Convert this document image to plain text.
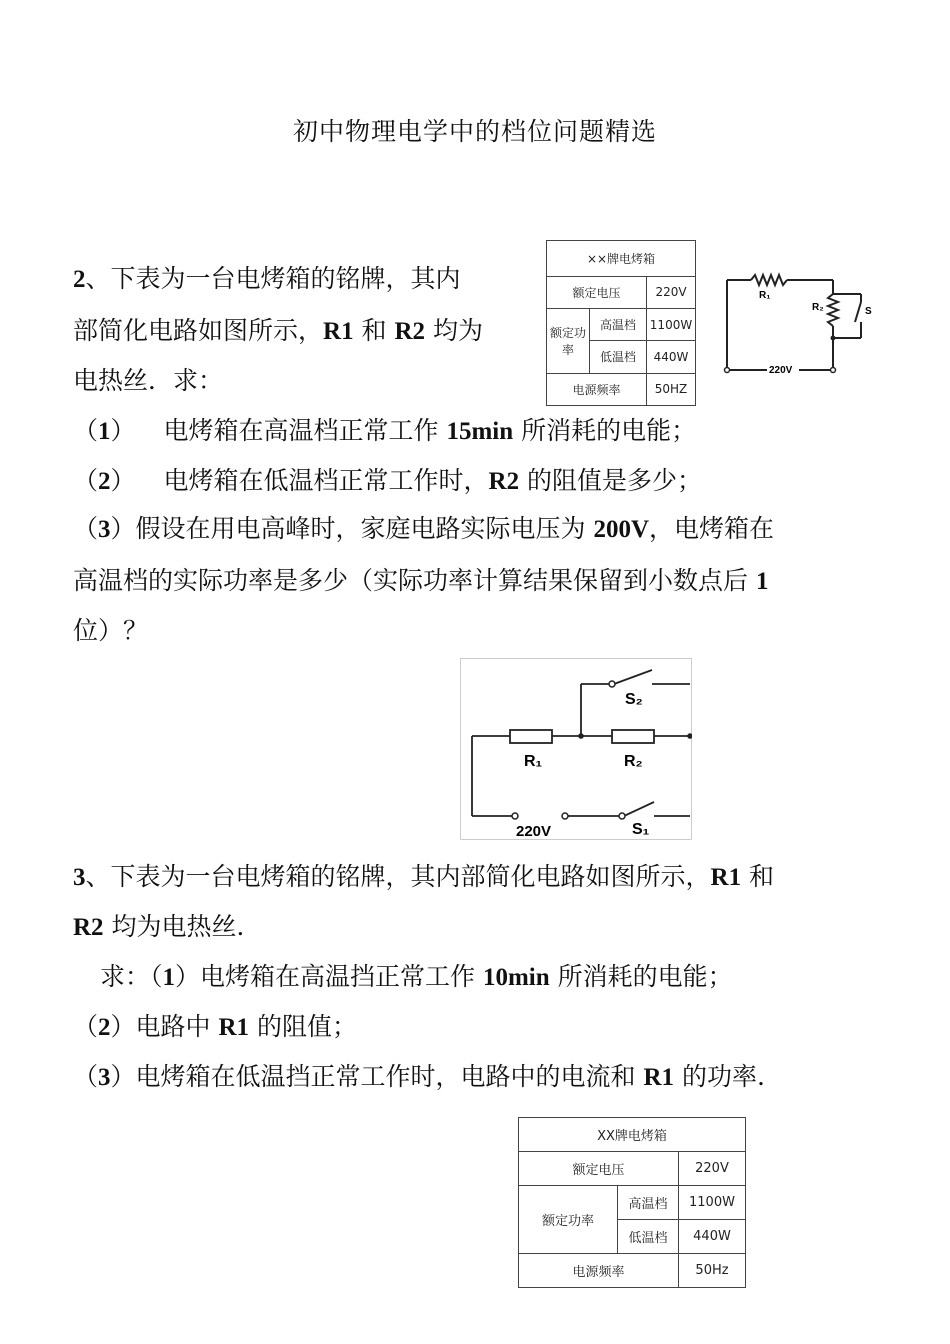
初中物理电学中的档位问题精选
2、下表为一台电烤箱的铭牌，其内
部简化电路如图所示，R1 和 R2 均为
电热丝．求：
（1） 电烤箱在高温档正常工作 15min 所消耗的电能；
（2） 电烤箱在低温档正常工作时，R2 的阻值是多少；
（3）假设在用电高峰时，家庭电路实际电压为 200V，电烤箱在
高温档的实际功率是多少（实际功率计算结果保留到小数点后 1
位）？
××牌电烤箱		
额定电压		220V
额定功率	高温档	1100W
	低温档	440W
电源频率		50HZ
R₁
R₂	S
220V
S₂
R₁	R₂
220V	S₁
3、下表为一台电烤箱的铭牌，其内部简化电路如图所示，R1 和
R2 均为电热丝．
求：（1）电烤箱在高温挡正常工作 10min 所消耗的电能；
（2）电路中 R1 的阻值；
（3）电烤箱在低温挡正常工作时，电路中的电流和 R1 的功率.
XX牌电烤箱		
额定电压		220V
额定功率	高温档	1100W
	低温档	440W
电源频率		50Hz
